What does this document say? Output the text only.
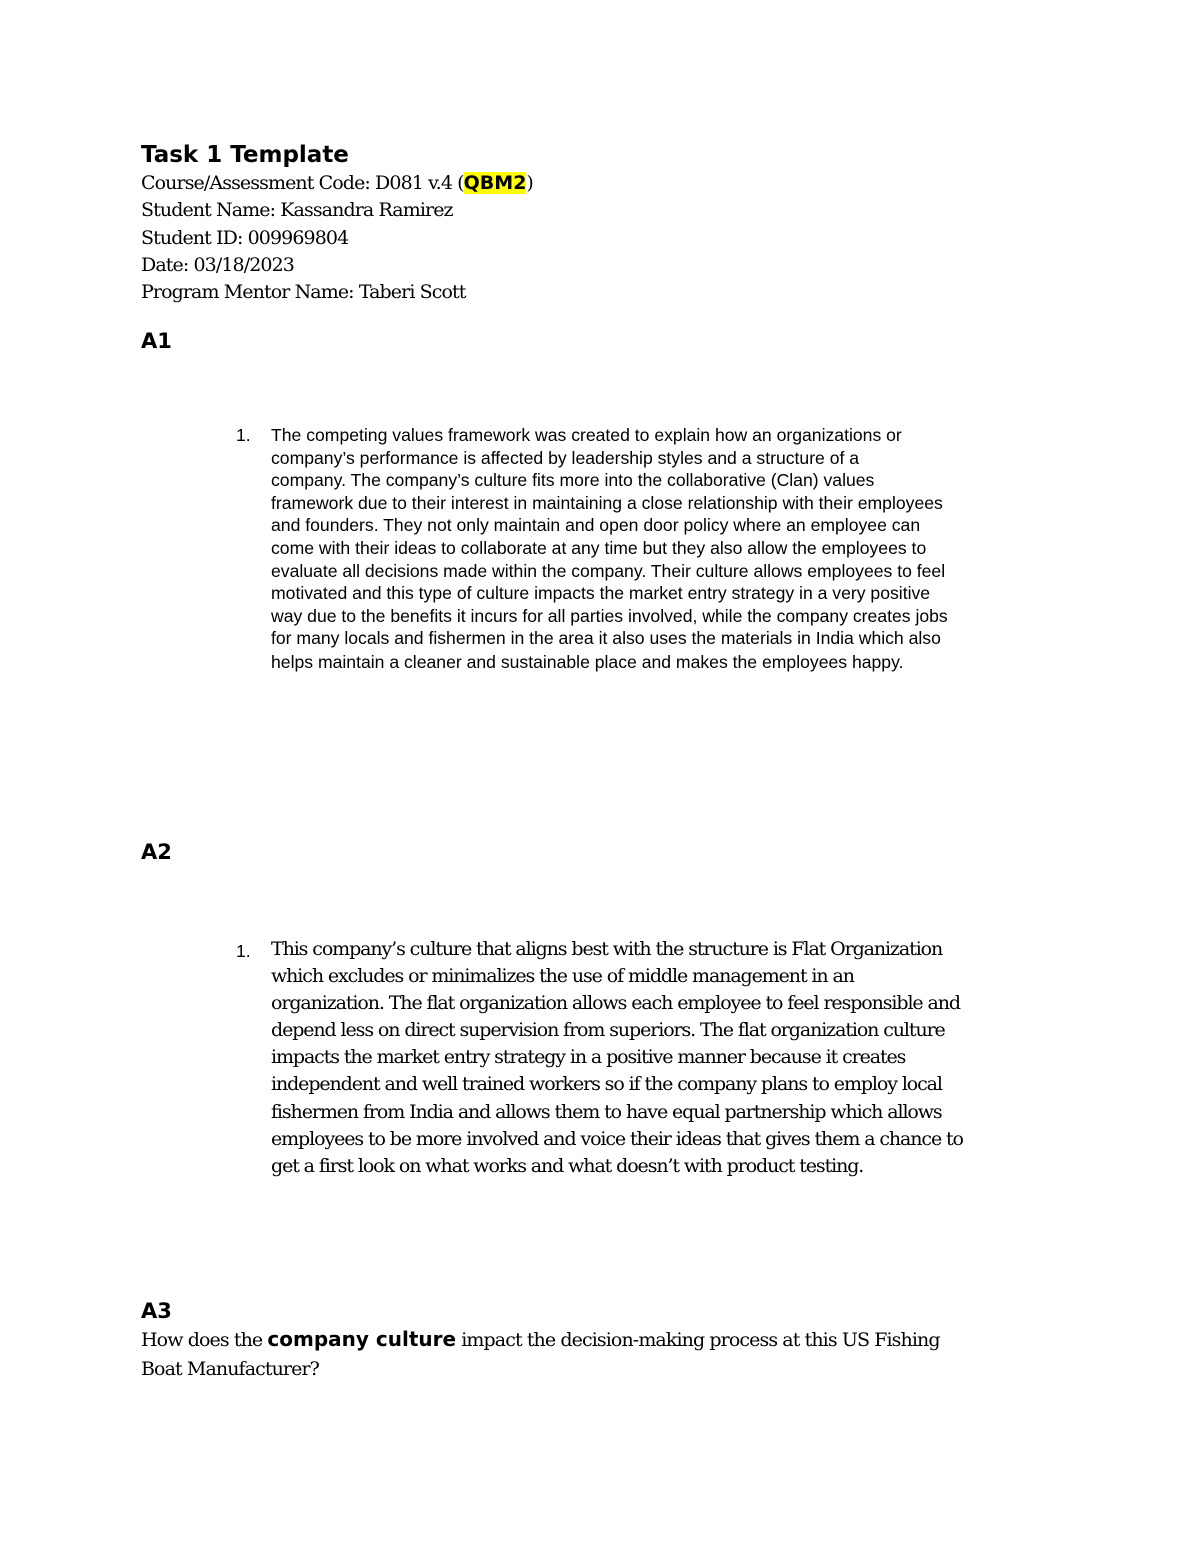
Task 1 Template
Course/Assessment Code: D081 v.4 (QBM2)
Student Name: Kassandra Ramirez
Student ID: 009969804
Date: 03/18/2023
Program Mentor Name: Taberi Scott
A1
1. The competing values framework was created to explain how an organizations or
company’s performance is affected by leadership styles and a structure of a
company. The company’s culture fits more into the collaborative (Clan) values
framework due to their interest in maintaining a close relationship with their employees
and founders. They not only maintain and open door policy where an employee can
come with their ideas to collaborate at any time but they also allow the employees to
evaluate all decisions made within the company. Their culture allows employees to feel
motivated and this type of culture impacts the market entry strategy in a very positive
way due to the benefits it incurs for all parties involved, while the company creates jobs
for many locals and fishermen in the area it also uses the materials in India which also
helps maintain a cleaner and sustainable place and makes the employees happy.
A2
1. This company’s culture that aligns best with the structure is Flat Organization
which excludes or minimalizes the use of middle management in an
organization. The flat organization allows each employee to feel responsible and
depend less on direct supervision from superiors. The flat organization culture
impacts the market entry strategy in a positive manner because it creates
independent and well trained workers so if the company plans to employ local
fishermen from India and allows them to have equal partnership which allows
employees to be more involved and voice their ideas that gives them a chance to
get a first look on what works and what doesn’t with product testing.
A3
How does the company culture impact the decision-making process at this US Fishing
Boat Manufacturer?
